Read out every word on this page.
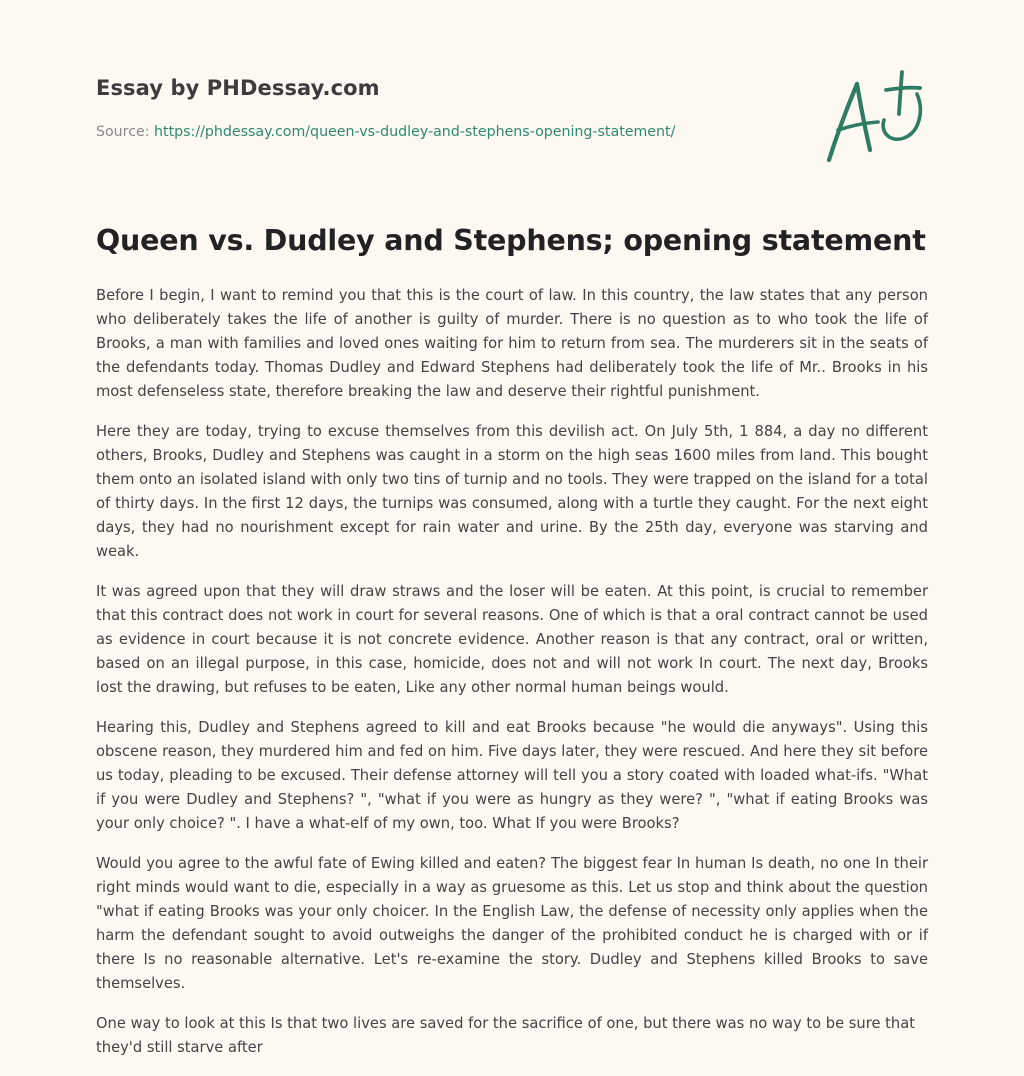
Essay by PHDessay.com
Source: https://phdessay.com/queen-vs-dudley-and-stephens-opening-statement/
Queen vs. Dudley and Stephens; opening statement

Before I begin, I want to remind you that this is the court of law. In this country, the law states that any person who deliberately takes the life of another is guilty of murder. There is no question as to who took the life of Brooks, a man with families and loved ones waiting for him to return from sea. The murderers sit in the seats of the defendants today. Thomas Dudley and Edward Stephens had deliberately took the life of Mr.. Brooks in his most defenseless state, therefore breaking the law and deserve their rightful punishment.

Here they are today, trying to excuse themselves from this devilish act. On July 5th, 1 884, a day no different others, Brooks, Dudley and Stephens was caught in a storm on the high seas 1600 miles from land. This bought them onto an isolated island with only two tins of turnip and no tools. They were trapped on the island for a total of thirty days. In the first 12 days, the turnips was consumed, along with a turtle they caught. For the next eight days, they had no nourishment except for rain water and urine. By the 25th day, everyone was starving and weak.

It was agreed upon that they will draw straws and the loser will be eaten. At this point, is crucial to remember that this contract does not work in court for several reasons. One of which is that a oral contract cannot be used as evidence in court because it is not concrete evidence. Another reason is that any contract, oral or written, based on an illegal purpose, in this case, homicide, does not and will not work In court. The next day, Brooks lost the drawing, but refuses to be eaten, Like any other normal human beings would.

Hearing this, Dudley and Stephens agreed to kill and eat Brooks because "he would die anyways". Using this obscene reason, they murdered him and fed on him. Five days later, they were rescued. And here they sit before us today, pleading to be excused. Their defense attorney will tell you a story coated with loaded what-ifs. "What if you were Dudley and Stephens? ", "what if you were as hungry as they were? ", "what if eating Brooks was your only choice? ". I have a what-elf of my own, too. What If you were Brooks?

Would you agree to the awful fate of Ewing killed and eaten? The biggest fear In human Is death, no one In their right minds would want to die, especially in a way as gruesome as this. Let us stop and think about the question "what if eating Brooks was your only choicer. In the English Law, the defense of necessity only applies when the harm the defendant sought to avoid outweighs the danger of the prohibited conduct he is charged with or if there Is no reasonable alternative. Let's re-examine the story. Dudley and Stephens killed Brooks to save themselves.

One way to look at this Is that two lives are saved for the sacrifice of one, but there was no way to be sure that they'd still starve after
